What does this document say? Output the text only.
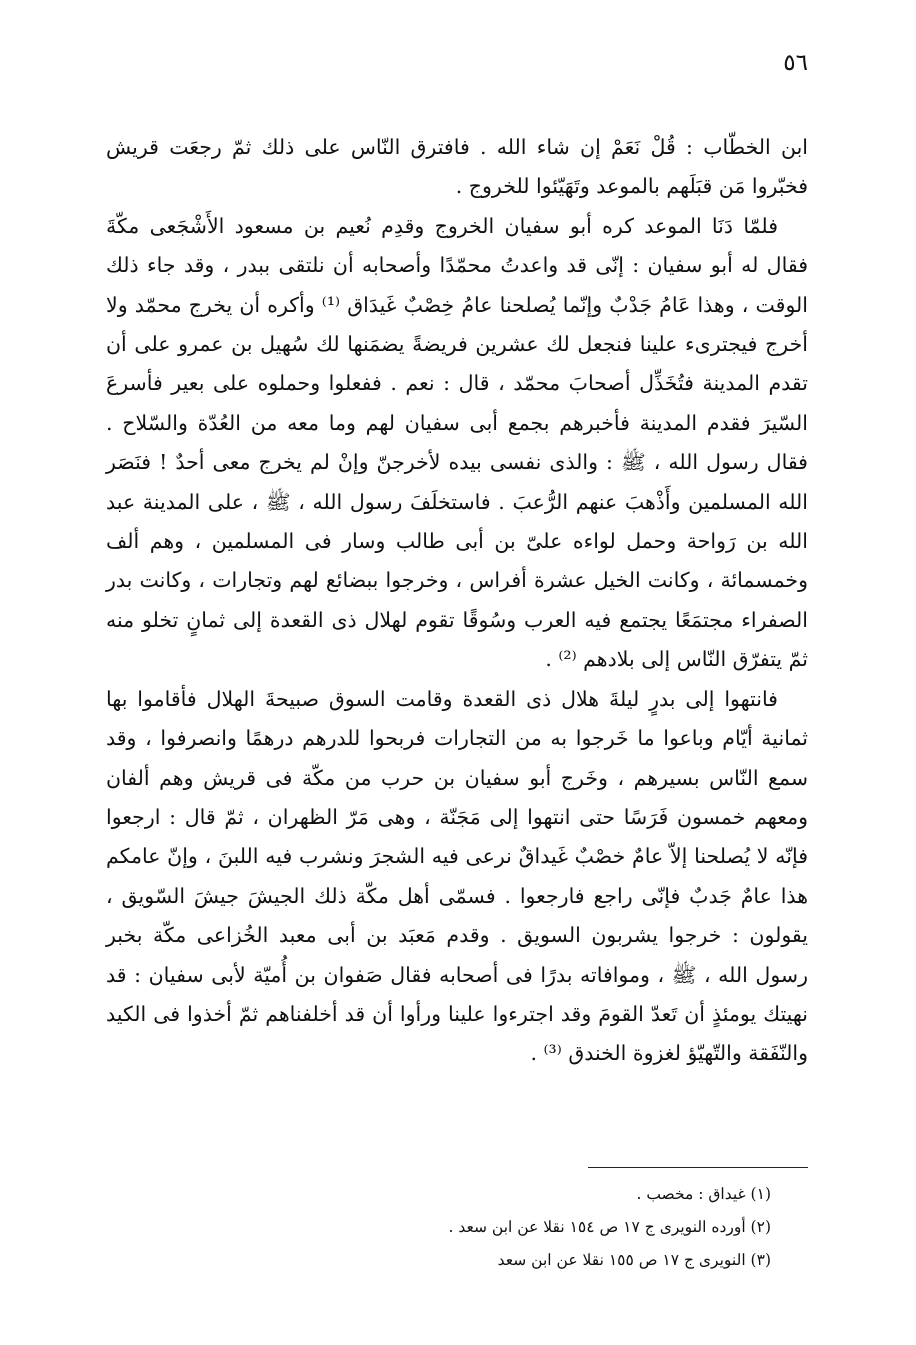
٥٦

ابن الخطّاب : قُلْ نَعَمْ إن شاء الله . فافترق النّاس على ذلك ثمّ رجعَت قريش فخبّروا مَن قبَلَهم بالموعد وتَهَيّئوا للخروج .

فلمّا دَنَا الموعد كره أبو سفيان الخروج وقدِم نُعيم بن مسعود الأَشْجَعى مكّةَ فقال له أبو سفيان : إنّى قد واعدتُ محمّدًا وأصحابه أن نلتقى ببدر ، وقد جاء ذلك الوقت ، وهذا عَامُ جَدْبٌ وإنّما يُصلحنا عامُ خِصْبٌ غَيدَاق ⁽¹⁾ وأكره أن يخرج محمّد ولا أخرج فيجترىء علينا فنجعل لك عشرين فريضةً يضمَنها لك سُهيل بن عمرو على أن تقدم المدينة فتُخَذِّل أصحابَ محمّد ، قال : نعم . ففعلوا وحملوه على بعير فأسرعَ السّيرَ فقدم المدينة فأخبرهم بجمع أبى سفيان لهم وما معه من العُدّة والسّلاح . فقال رسول الله ، ﷺ : والذى نفسى بيده لأخرجنّ وإنْ لم يخرج معى أحدٌ ! فنَصَر الله المسلمين وأَذْهبَ عنهم الرُّعبَ . فاستخلَفَ رسول الله ، ﷺ ، على المدينة عبد الله بن رَواحة وحمل لواءه علىّ بن أبى طالب وسار فى المسلمين ، وهم ألف وخمسمائة ، وكانت الخيل عشرة أفراس ، وخرجوا ببضائع لهم وتجارات ، وكانت بدر الصفراء مجتمَعًا يجتمع فيه العرب وسُوقًا تقوم لهلال ذى القعدة إلى ثمانٍ تخلو منه ثمّ يتفرّق النّاس إلى بلادهم ⁽²⁾ .

فانتهوا إلى بدرٍ ليلةَ هلال ذى القعدة وقامت السوق صبيحةَ الهلال فأقاموا بها ثمانية أيّام وباعوا ما خَرجوا به من التجارات فربحوا للدرهم درهمًا وانصرفوا ، وقد سمع النّاس بسيرهم ، وخَرج أبو سفيان بن حرب من مكّة فى قريش وهم ألفان ومعهم خمسون فَرَسًا حتى انتهوا إلى مَجَنّة ، وهى مَرّ الظهران ، ثمّ قال : ارجعوا فإنّه لا يُصلحنا إلاّ عامٌ خصْبٌ غَيداقٌ نرعى فيه الشجرَ ونشرب فيه اللبنَ ، وإنّ عامكم هذا عامٌ جَدبٌ فإنّى راجع فارجعوا . فسمّى أهل مكّة ذلك الجيشَ جيشَ السّويق ، يقولون : خرجوا يشربون السويق . وقدم مَعبَد بن أبى معبد الخُزاعى مكّة بخبر رسول الله ، ﷺ ، وموافاته بدرًا فى أصحابه فقال صَفوان بن أُميّة لأبى سفيان : قد نهيتك يومئذٍ أن تَعدّ القومَ وقد اجترءوا علينا ورأوا أن قد أخلفناهم ثمّ أخذوا فى الكيد والنّفَقة والتّهيّؤ لغزوة الخندق ⁽³⁾ .

(١) غيداق : مخصب .
(٢) أورده النويرى ج ١٧ ص ١٥٤ نقلا عن ابن سعد .
(٣) النويرى ج ١٧ ص ١٥٥ نقلا عن ابن سعد
